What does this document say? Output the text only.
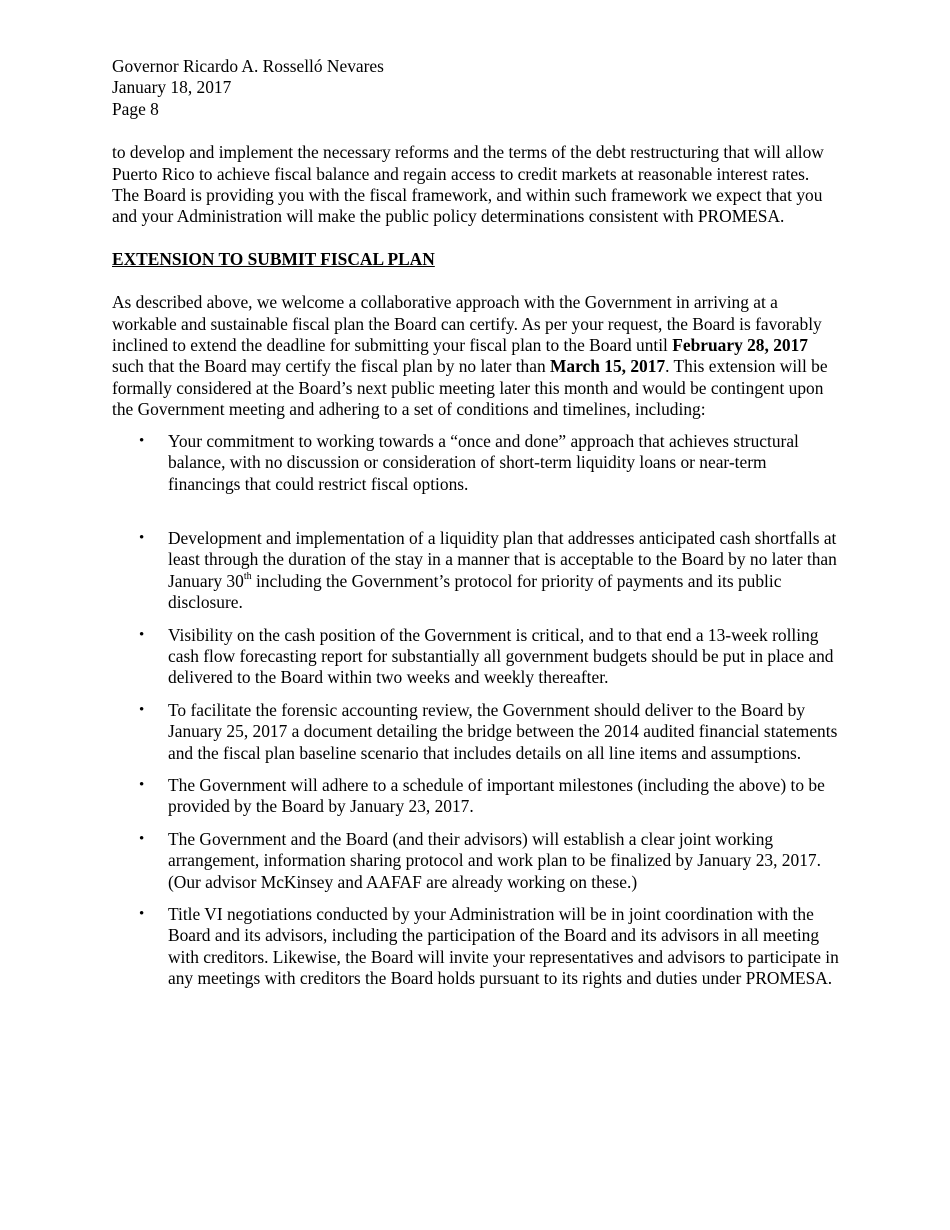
Governor Ricardo A. Rosselló Nevares
January 18, 2017
Page 8

to develop and implement the necessary reforms and the terms of the debt restructuring that will allow Puerto Rico to achieve fiscal balance and regain access to credit markets at reasonable interest rates. The Board is providing you with the fiscal framework, and within such framework we expect that you and your Administration will make the public policy determinations consistent with PROMESA.

EXTENSION TO SUBMIT FISCAL PLAN

As described above, we welcome a collaborative approach with the Government in arriving at a workable and sustainable fiscal plan the Board can certify. As per your request, the Board is favorably inclined to extend the deadline for submitting your fiscal plan to the Board until February 28, 2017 such that the Board may certify the fiscal plan by no later than March 15, 2017. This extension will be formally considered at the Board’s next public meeting later this month and would be contingent upon the Government meeting and adhering to a set of conditions and timelines, including:

• Your commitment to working towards a “once and done” approach that achieves structural balance, with no discussion or consideration of short-term liquidity loans or near-term financings that could restrict fiscal options.
• Development and implementation of a liquidity plan that addresses anticipated cash shortfalls at least through the duration of the stay in a manner that is acceptable to the Board by no later than January 30th including the Government’s protocol for priority of payments and its public disclosure.
• Visibility on the cash position of the Government is critical, and to that end a 13-week rolling cash flow forecasting report for substantially all government budgets should be put in place and delivered to the Board within two weeks and weekly thereafter.
• To facilitate the forensic accounting review, the Government should deliver to the Board by January 25, 2017 a document detailing the bridge between the 2014 audited financial statements and the fiscal plan baseline scenario that includes details on all line items and assumptions.
• The Government will adhere to a schedule of important milestones (including the above) to be provided by the Board by January 23, 2017.
• The Government and the Board (and their advisors) will establish a clear joint working arrangement, information sharing protocol and work plan to be finalized by January 23, 2017. (Our advisor McKinsey and AAFAF are already working on these.)
• Title VI negotiations conducted by your Administration will be in joint coordination with the Board and its advisors, including the participation of the Board and its advisors in all meeting with creditors. Likewise, the Board will invite your representatives and advisors to participate in any meetings with creditors the Board holds pursuant to its rights and duties under PROMESA.
